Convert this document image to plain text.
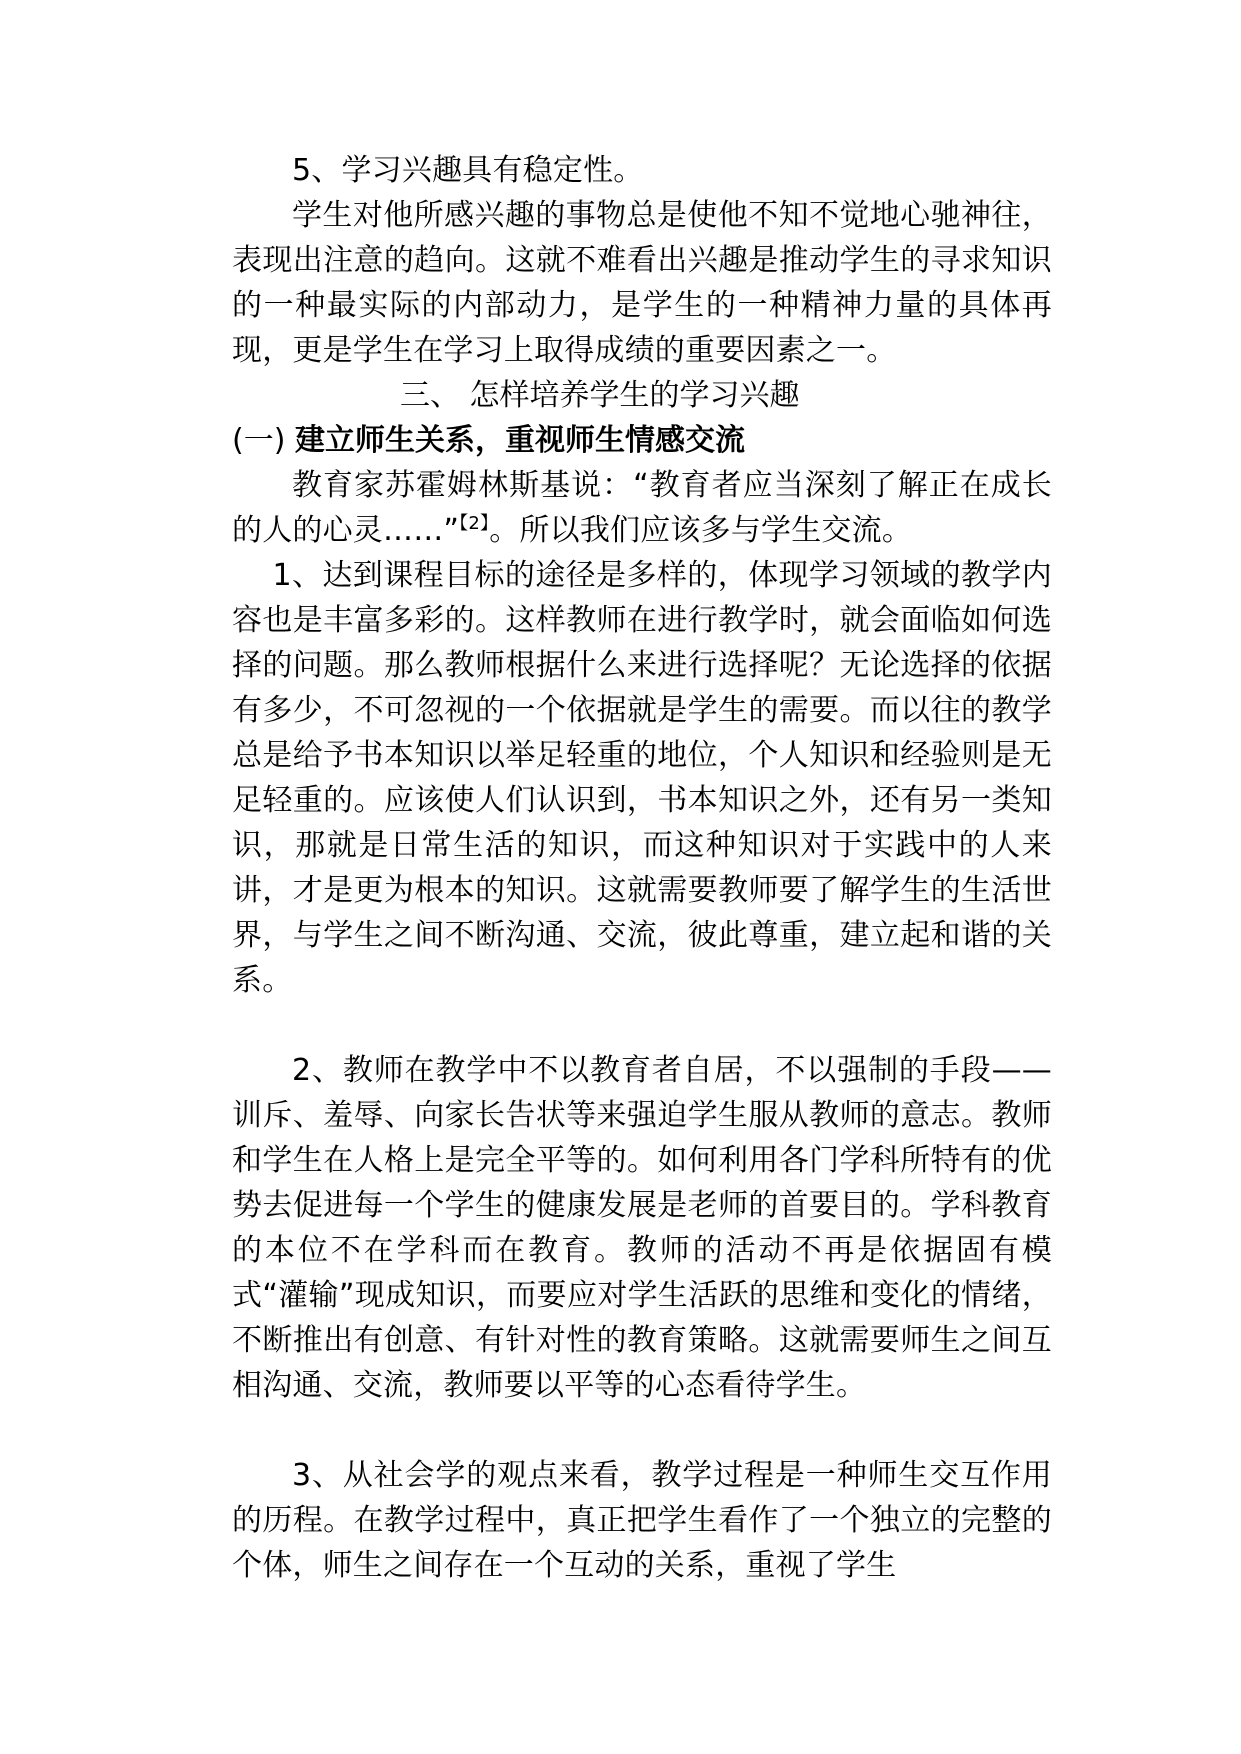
5、学习兴趣具有稳定性。

学生对他所感兴趣的事物总是使他不知不觉地心驰神往，表现出注意的趋向。这就不难看出兴趣是推动学生的寻求知识的一种最实际的内部动力，是学生的一种精神力量的具体再现，更是学生在学习上取得成绩的重要因素之一。

三、 怎样培养学生的学习兴趣

(一) 建立师生关系，重视师生情感交流

教育家苏霍姆林斯基说：“教育者应当深刻了解正在成长的人的心灵……”$^{【2】}$。所以我们应该多与学生交流。

1、达到课程目标的途径是多样的，体现学习领域的教学内容也是丰富多彩的。这样教师在进行教学时，就会面临如何选择的问题。那么教师根据什么来进行选择呢？无论选择的依据有多少，不可忽视的一个依据就是学生的需要。而以往的教学总是给予书本知识以举足轻重的地位，个人知识和经验则是无足轻重的。应该使人们认识到，书本知识之外，还有另一类知识，那就是日常生活的知识，而这种知识对于实践中的人来讲，才是更为根本的知识。这就需要教师要了解学生的生活世界，与学生之间不断沟通、交流，彼此尊重，建立起和谐的关系。

2、教师在教学中不以教育者自居，不以强制的手段——训斥、羞辱、向家长告状等来强迫学生服从教师的意志。教师和学生在人格上是完全平等的。如何利用各门学科所特有的优势去促进每一个学生的健康发展是老师的首要目的。学科教育的本位不在学科而在教育。教师的活动不再是依据固有模式“灌输”现成知识，而要应对学生活跃的思维和变化的情绪，不断推出有创意、有针对性的教育策略。这就需要师生之间互相沟通、交流，教师要以平等的心态看待学生。

3、从社会学的观点来看，教学过程是一种师生交互作用的历程。在教学过程中，真正把学生看作了一个独立的完整的个体，师生之间存在一个互动的关系，重视了学生
